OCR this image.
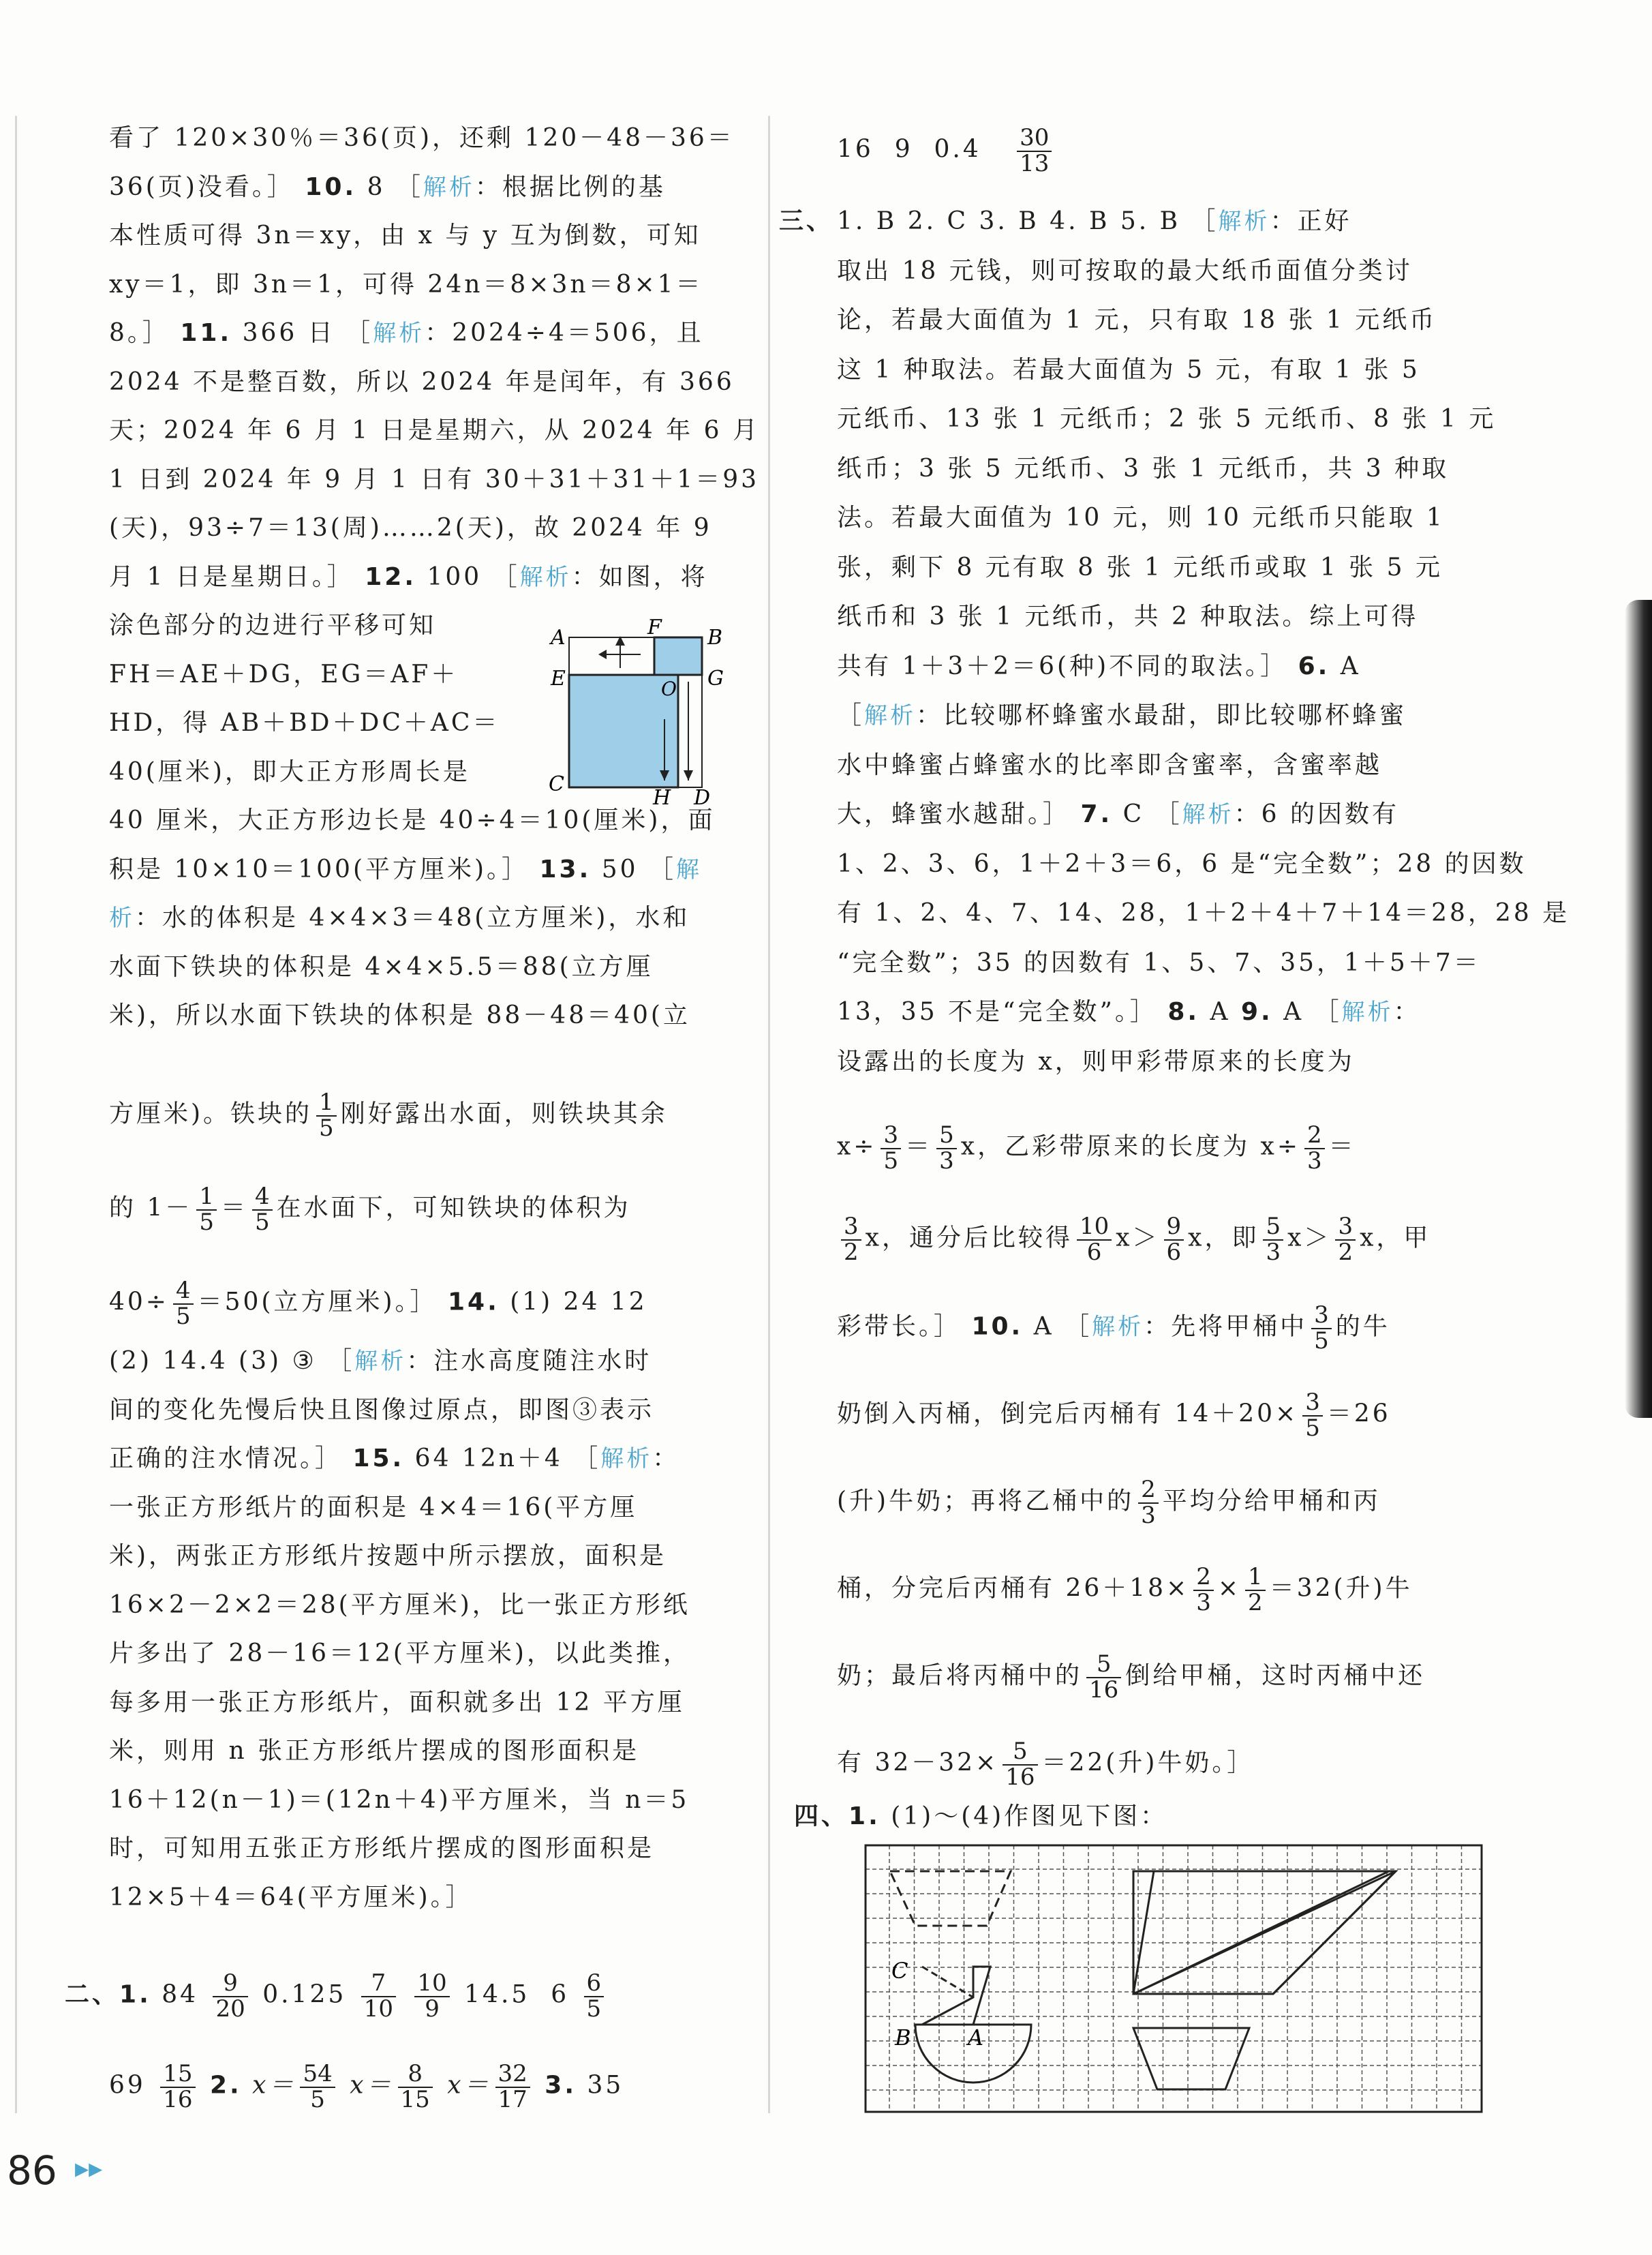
方厘米)。铁块的 $\frac{1}{5}$ 刚好露出水面，则铁块其余
的 $1- \frac{1}{5} = \frac{4}{5}$ 在水面下，可知铁块的体积为
$40\div \frac{4}{5} =50$(立方厘米)。］ 14. (1) 24 12
二、1. $84 \frac{9}{20} 0.125 \frac{7}{10}$
$\frac{10}{9} 14.5$ $6 \frac{6}{5}$
$69 \frac{15}{16} 2$. $x= \frac{54}{5} x= \frac{8}{15} x= \frac{32}{17} 3$. 35
A	F B
E	G
O
C
H D
16 9 $0.4 \frac{30}{13}$
三、
四、1. (1)～(4)作图见下图：
C
B	A
86 ▸▸
看了 120×30％＝36(页)，还剩 120－48－36＝
36(页)没看。］ 10. 8 ［解析：根据比例的基
本性质可得 3n＝xy，由 x 与 y 互为倒数，可知
xy＝1，即 3n＝1，可得 24n＝8×3n＝8×1＝
8。］ 11. 366 日 ［解析：2024÷4＝506，且
2024 不是整百数，所以 2024 年是闰年，有 366
天；2024 年 6 月 1 日是星期六，从 2024 年 6 月
1 日到 2024 年 9 月 1 日有 30＋31＋31＋1＝93
(天)，93÷7＝13(周)……2(天)，故 2024 年 9
月 1 日是星期日。］ 12. 100 ［解析：如图，将
涂色部分的边进行平移可知
FH＝AE＋DG，EG＝AF＋
HD，得 AB＋BD＋DC＋AC＝
40(厘米)，即大正方形周长是
40 厘米，大正方形边长是 40÷4＝10(厘米)，面
积是 10×10＝100(平方厘米)。］ 13. 50 ［解
析：水的体积是 4×4×3＝48(立方厘米)，水和
水面下铁块的体积是 4×4×5.5＝88(立方厘
米)，所以水面下铁块的体积是 88－48＝40(立
(2) 14.4 (3) ③ ［解析：注水高度随注水时
间的变化先慢后快且图像过原点，即图③表示
正确的注水情况。］ 15. 64 12n＋4 ［解析：
一张正方形纸片的面积是 4×4＝16(平方厘
米)，两张正方形纸片按题中所示摆放，面积是
16×2－2×2＝28(平方厘米)，比一张正方形纸
片多出了 28－16＝12(平方厘米)，以此类推，
每多用一张正方形纸片，面积就多出 12 平方厘
米，则用 n 张正方形纸片摆成的图形面积是
16＋12(n－1)＝(12n＋4)平方厘米，当 n＝5
时，可知用五张正方形纸片摆成的图形面积是
12×5＋4＝64(平方厘米)。］
1. B 2. C 3. B 4. B 5. B ［解析：正好
取出 18 元钱，则可按取的最大纸币面值分类讨
论，若最大面值为 1 元，只有取 18 张 1 元纸币
这 1 种取法。若最大面值为 5 元，有取 1 张 5
元纸币、13 张 1 元纸币；2 张 5 元纸币、8 张 1 元
纸币；3 张 5 元纸币、3 张 1 元纸币，共 3 种取
法。若最大面值为 10 元，则 10 元纸币只能取 1
张，剩下 8 元有取 8 张 1 元纸币或取 1 张 5 元
纸币和 3 张 1 元纸币，共 2 种取法。综上可得
共有 1＋3＋2＝6(种)不同的取法。］ 6. A
［解析：比较哪杯蜂蜜水最甜，即比较哪杯蜂蜜
水中蜂蜜占蜂蜜水的比率即含蜜率，含蜜率越
大，蜂蜜水越甜。］ 7. C ［解析：6 的因数有
1、2、3、6，1＋2＋3＝6，6 是“完全数”；28 的因数
有 1、2、4、7、14、28，1＋2＋4＋7＋14＝28，28 是
“完全数”；35 的因数有 1、5、7、35，1＋5＋7＝
13，35 不是“完全数”。］ 8. A 9. A ［解析：
设露出的长度为 x，则甲彩带原来的长度为
$x\div \frac{3}{5} = \frac{5}{3}$ x，乙彩带原来的长度为 $x\div \frac{2}{3}$ ＝
$\frac{3}{2}$ x，通分后比较得 $\frac{10}{6} x> \frac{9}{6}$ x，即 $\frac{5}{3} x> \frac{3}{2}$ x，甲
彩带长。］ 10. A ［解析：先将甲桶中 $\frac{3}{5}$ 的牛
奶倒入丙桶，倒完后丙桶有 $14+20\times \frac{3}{5} =26$
(升)牛奶；再将乙桶中的 $\frac{2}{3}$ 平均分给甲桶和丙
桶，分完后丙桶有 $26+18\times \frac{2}{3} \times \frac{1}{2} =32$(升)牛
奶；最后将丙桶中的 $\frac{5}{16}$ 倒给甲桶，这时丙桶中还
有 $32-32\times \frac{5}{16} =22$(升)牛奶。］
